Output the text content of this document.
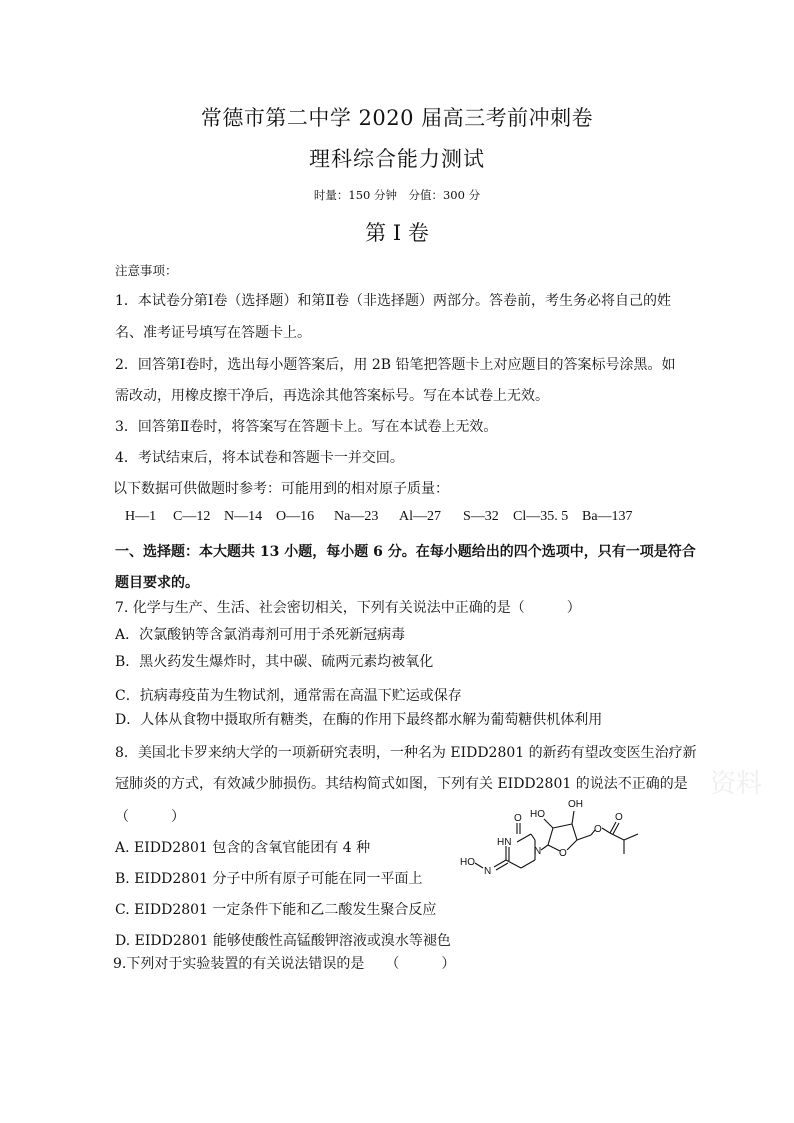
常德市第二中学 2020 届高三考前冲刺卷
理科综合能力测试
时量：150 分钟　分值：300 分
第 I 卷
注意事项：
1．本试卷分第Ⅰ卷（选择题）和第Ⅱ卷（非选择题）两部分。答卷前，考生务必将自己的姓
名、准考证号填写在答题卡上。
2．回答第Ⅰ卷时，选出每小题答案后，用 2B 铅笔把答题卡上对应题目的答案标号涂黑。如
需改动，用橡皮擦干净后，再选涂其他答案标号。写在本试卷上无效。
3．回答第Ⅱ卷时，将答案写在答题卡上。写在本试卷上无效。
4．考试结束后，将本试卷和答题卡一并交回。
以下数据可供做题时参考：可能用到的相对原子质量：
H—1 C—12 N—14 O—16 Na—23 Al—27 S—32 Cl—35. 5 Ba—137
一、选择题：本大题共 13 小题，每小题 6 分。在每小题给出的四个选项中，只有一项是符合
题目要求的。
7. 化学与生产、生活、社会密切相关，下列有关说法中正确的是（　　　）
A．次氯酸钠等含氯消毒剂可用于杀死新冠病毒
B．黑火药发生爆炸时，其中碳、硫两元素均被氧化
C．抗病毒疫苗为生物试剂，通常需在高温下贮运或保存
D．人体从食物中摄取所有糖类，在酶的作用下最终都水解为葡萄糖供机体利用
8．美国北卡罗来纳大学的一项新研究表明，一种名为 EIDD2801 的新药有望改变医生治疗新
冠肺炎的方式，有效减少肺损伤。其结构简式如图，下列有关 EIDD2801 的说法不正确的是 资料
（　　　）
A. EIDD2801 包含的含氧官能团有 4 种
B. EIDD2801 分子中所有原子可能在同一平面上
C. EIDD2801 一定条件下能和乙二酸发生聚合反应
D. EIDD2801 能够使酸性高锰酸钾溶液或溴水等褪色
HO
OH
O
HN
N
HO
N
O
O
O
9.下列对于实验装置的有关说法错误的是　　（　　　）
